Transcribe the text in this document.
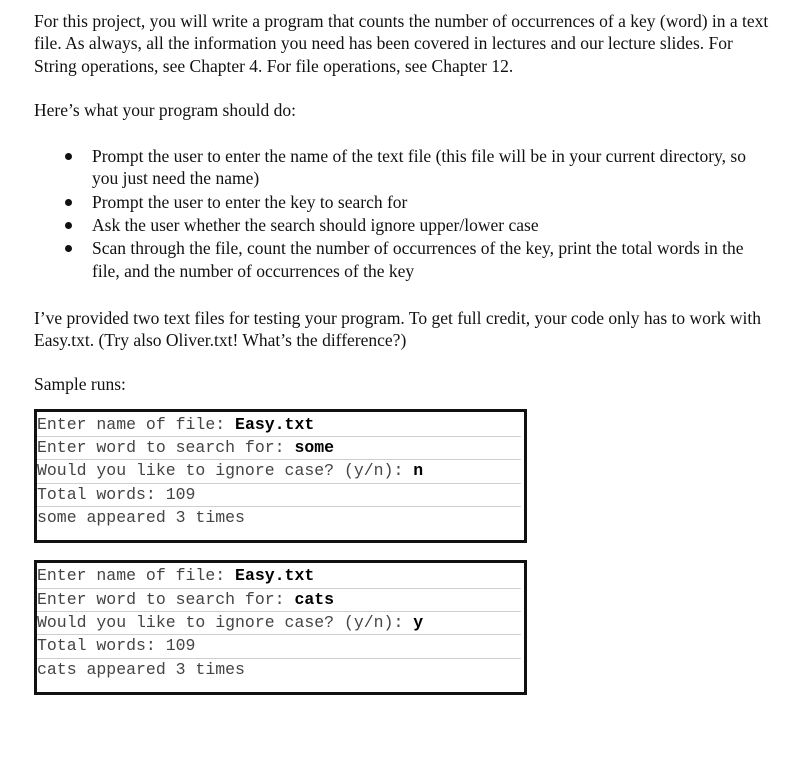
For this project, you will write a program that counts the number of occurrences of a key (word) in a text file. As always, all the information you need has been covered in lectures and our lecture slides. For String operations, see Chapter 4. For file operations, see Chapter 12.

Here’s what your program should do:

Prompt the user to enter the name of the text file (this file will be in your current directory, so you just need the name)
Prompt the user to enter the key to search for
Ask the user whether the search should ignore upper/lower case
Scan through the file, count the number of occurrences of the key, print the total words in the file, and the number of occurrences of the key

I’ve provided two text files for testing your program. To get full credit, your code only has to work with Easy.txt. (Try also Oliver.txt! What’s the difference?)

Sample runs:

Enter name of file: Easy.txt
Enter word to search for: some
Would you like to ignore case? (y/n): n
Total words: 109
some appeared 3 times
Enter name of file: Easy.txt
Enter word to search for: cats
Would you like to ignore case? (y/n): y
Total words: 109
cats appeared 3 times
